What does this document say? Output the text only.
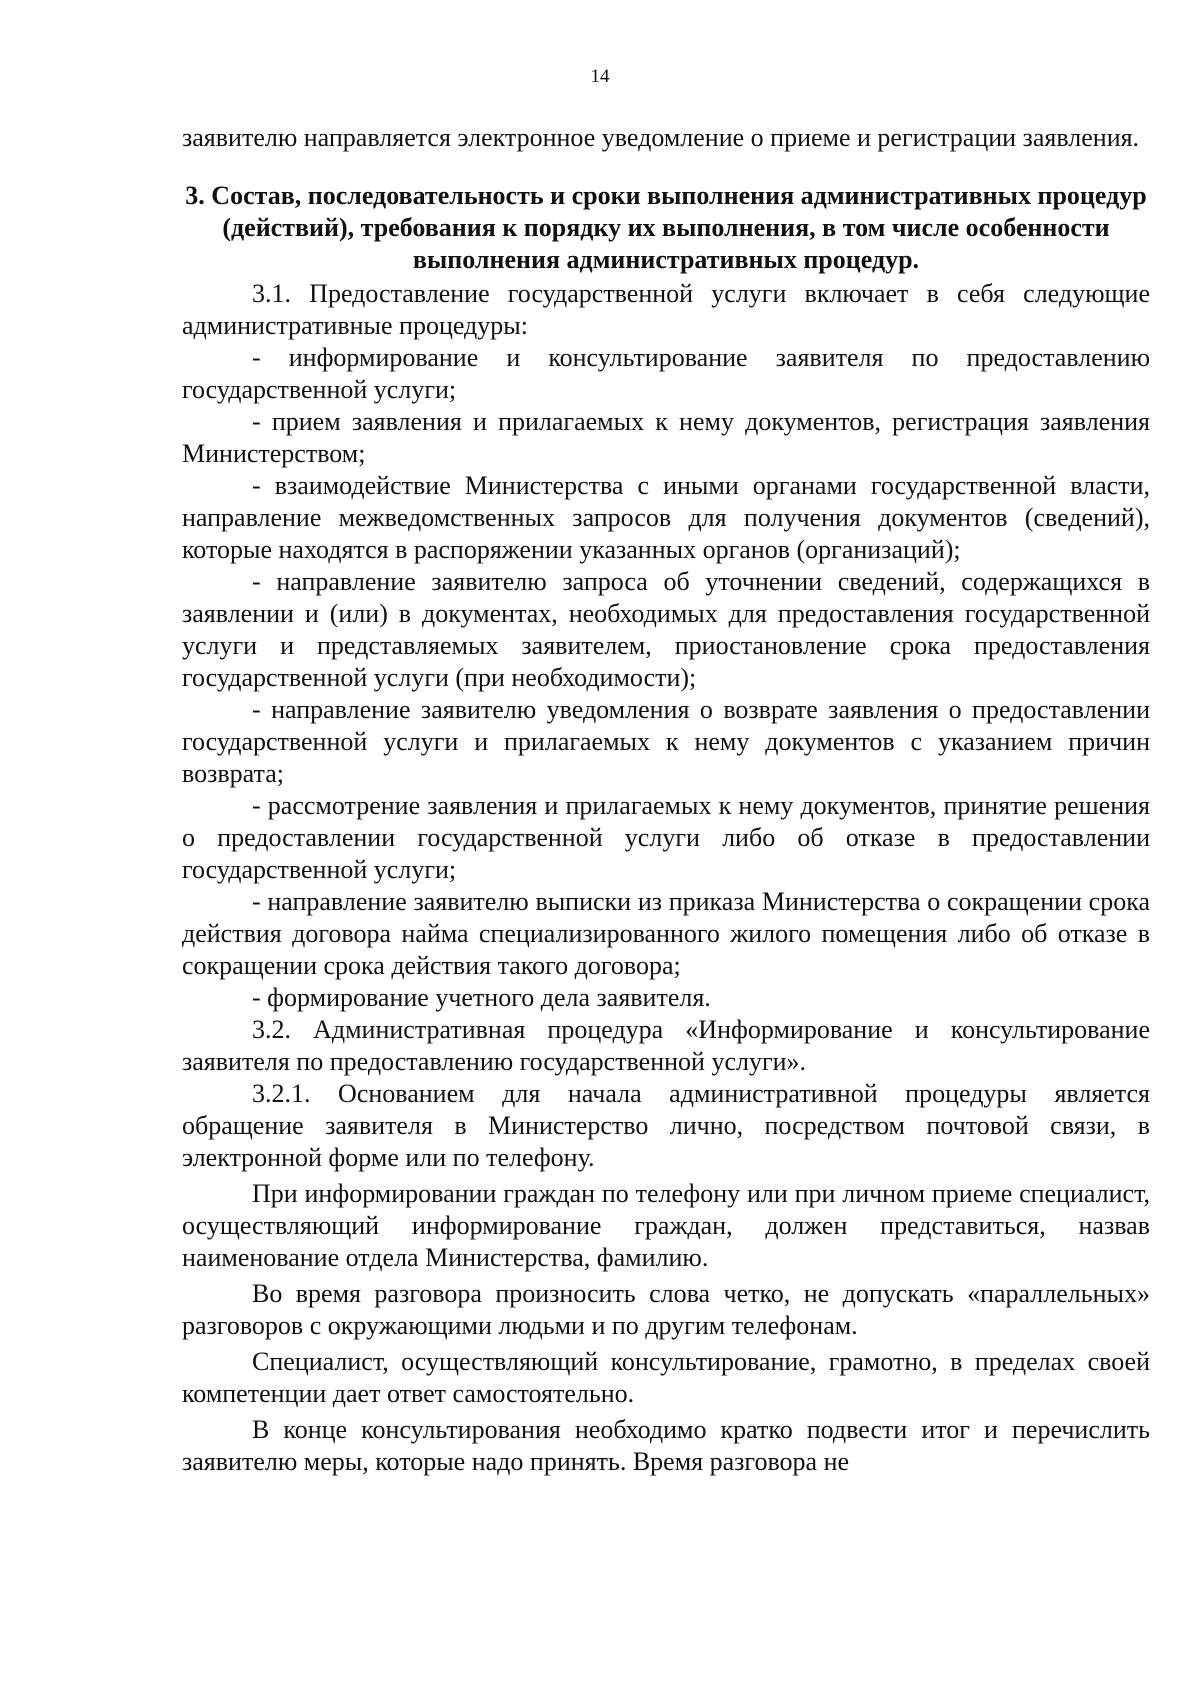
14

заявителю направляется электронное уведомление о приеме и регистрации заявления.

3. Состав, последовательность и сроки выполнения административных процедур (действий), требования к порядку их выполнения, в том числе особенности выполнения административных процедур.

3.1. Предоставление государственной услуги включает в себя следующие административные процедуры:

- информирование и консультирование заявителя по предоставлению государственной услуги;

- прием заявления и прилагаемых к нему документов, регистрация заявления Министерством;

- взаимодействие Министерства с иными органами государственной власти, направление межведомственных запросов для получения документов (сведений), которые находятся в распоряжении указанных органов (организаций);

- направление заявителю запроса об уточнении сведений, содержащихся в заявлении и (или) в документах, необходимых для предоставления государственной услуги и представляемых заявителем, приостановление срока предоставления государственной услуги (при необходимости);

- направление заявителю уведомления о возврате заявления о предоставлении государственной услуги и прилагаемых к нему документов с указанием причин возврата;

- рассмотрение заявления и прилагаемых к нему документов, принятие решения о предоставлении государственной услуги либо об отказе в предоставлении государственной услуги;

- направление заявителю выписки из приказа Министерства о сокращении срока действия договора найма специализированного жилого помещения либо об отказе в сокращении срока действия такого договора;

- формирование учетного дела заявителя.

3.2. Административная процедура «Информирование и консультирование заявителя по предоставлению государственной услуги».

3.2.1. Основанием для начала административной процедуры является обращение заявителя в Министерство лично, посредством почтовой связи, в электронной форме или по телефону.

При информировании граждан по телефону или при личном приеме специалист, осуществляющий информирование граждан, должен представиться, назвав наименование отдела Министерства, фамилию.

Во время разговора произносить слова четко, не допускать «параллельных» разговоров с окружающими людьми и по другим телефонам.

Специалист, осуществляющий консультирование, грамотно, в пределах своей компетенции дает ответ самостоятельно.

В конце консультирования необходимо кратко подвести итог и перечислить заявителю меры, которые надо принять. Время разговора не
